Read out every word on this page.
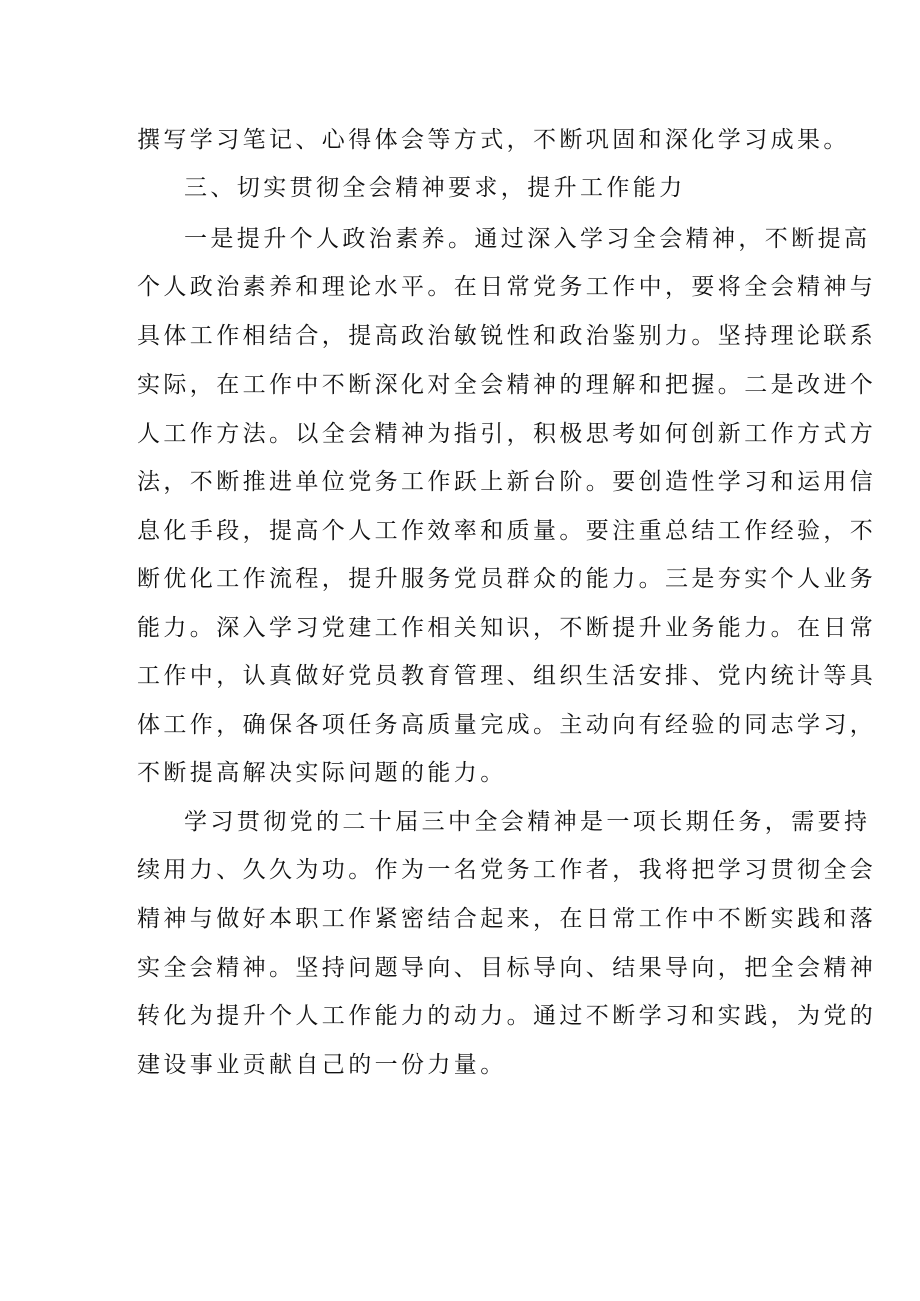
撰写学习笔记、心得体会等方式，不断巩固和深化学习成果。
三、切实贯彻全会精神要求，提升工作能力
一是提升个人政治素养。通过深入学习全会精神，不断提高
个人政治素养和理论水平。在日常党务工作中，要将全会精神与
具体工作相结合，提高政治敏锐性和政治鉴别力。坚持理论联系
实际，在工作中不断深化对全会精神的理解和把握。二是改进个
人工作方法。以全会精神为指引，积极思考如何创新工作方式方
法，不断推进单位党务工作跃上新台阶。要创造性学习和运用信
息化手段，提高个人工作效率和质量。要注重总结工作经验，不
断优化工作流程，提升服务党员群众的能力。三是夯实个人业务
能力。深入学习党建工作相关知识，不断提升业务能力。在日常
工作中，认真做好党员教育管理、组织生活安排、党内统计等具
体工作，确保各项任务高质量完成。主动向有经验的同志学习，
不断提高解决实际问题的能力。
学习贯彻党的二十届三中全会精神是一项长期任务，需要持
续用力、久久为功。作为一名党务工作者，我将把学习贯彻全会
精神与做好本职工作紧密结合起来，在日常工作中不断实践和落
实全会精神。坚持问题导向、目标导向、结果导向，把全会精神
转化为提升个人工作能力的动力。通过不断学习和实践，为党的
建设事业贡献自己的一份力量。
